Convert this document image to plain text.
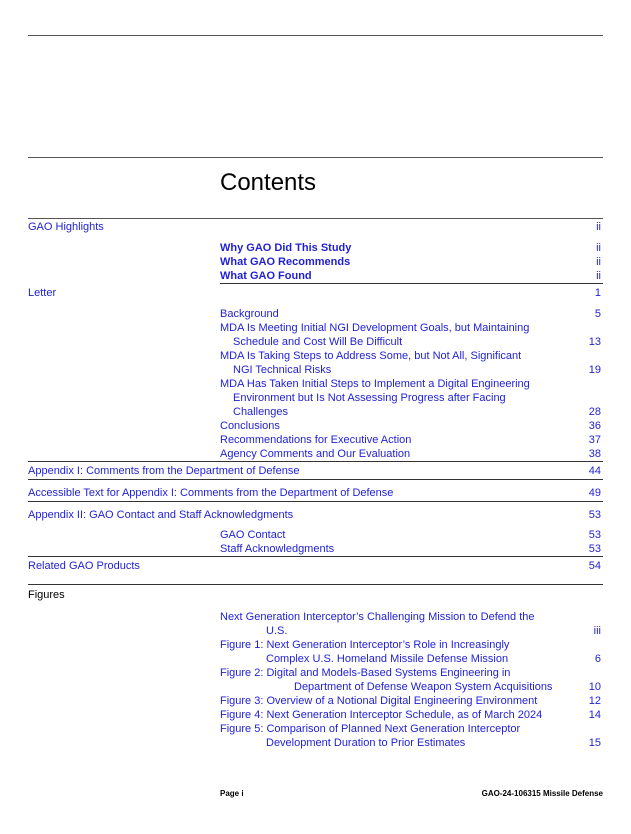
Contents
GAO Highlights	ii
Why GAO Did This Study	ii
What GAO Recommends	ii
What GAO Found	ii
Letter	1
Background	5
MDA Is Meeting Initial NGI Development Goals, but Maintaining
Schedule and Cost Will Be Difficult	13
MDA Is Taking Steps to Address Some, but Not All, Significant
NGI Technical Risks	19
MDA Has Taken Initial Steps to Implement a Digital Engineering
Environment but Is Not Assessing Progress after Facing
Challenges	28
Conclusions	36
Recommendations for Executive Action	37
Agency Comments and Our Evaluation	38
Appendix I: Comments from the Department of Defense	44
Accessible Text for Appendix I: Comments from the Department of Defense	49
Appendix II: GAO Contact and Staff Acknowledgments	53
GAO Contact	53
Staff Acknowledgments	53
Related GAO Products	54
Figures
Next Generation Interceptor’s Challenging Mission to Defend the
U.S.	iii
Figure 1: Next Generation Interceptor’s Role in Increasingly
Complex U.S. Homeland Missile Defense Mission	6
Figure 2: Digital and Models-Based Systems Engineering in
Department of Defense Weapon System Acquisitions	10
Figure 3: Overview of a Notional Digital Engineering Environment	12
Figure 4: Next Generation Interceptor Schedule, as of March 2024	14
Figure 5: Comparison of Planned Next Generation Interceptor
Development Duration to Prior Estimates	15
Page i	GAO-24-106315 Missile Defense
